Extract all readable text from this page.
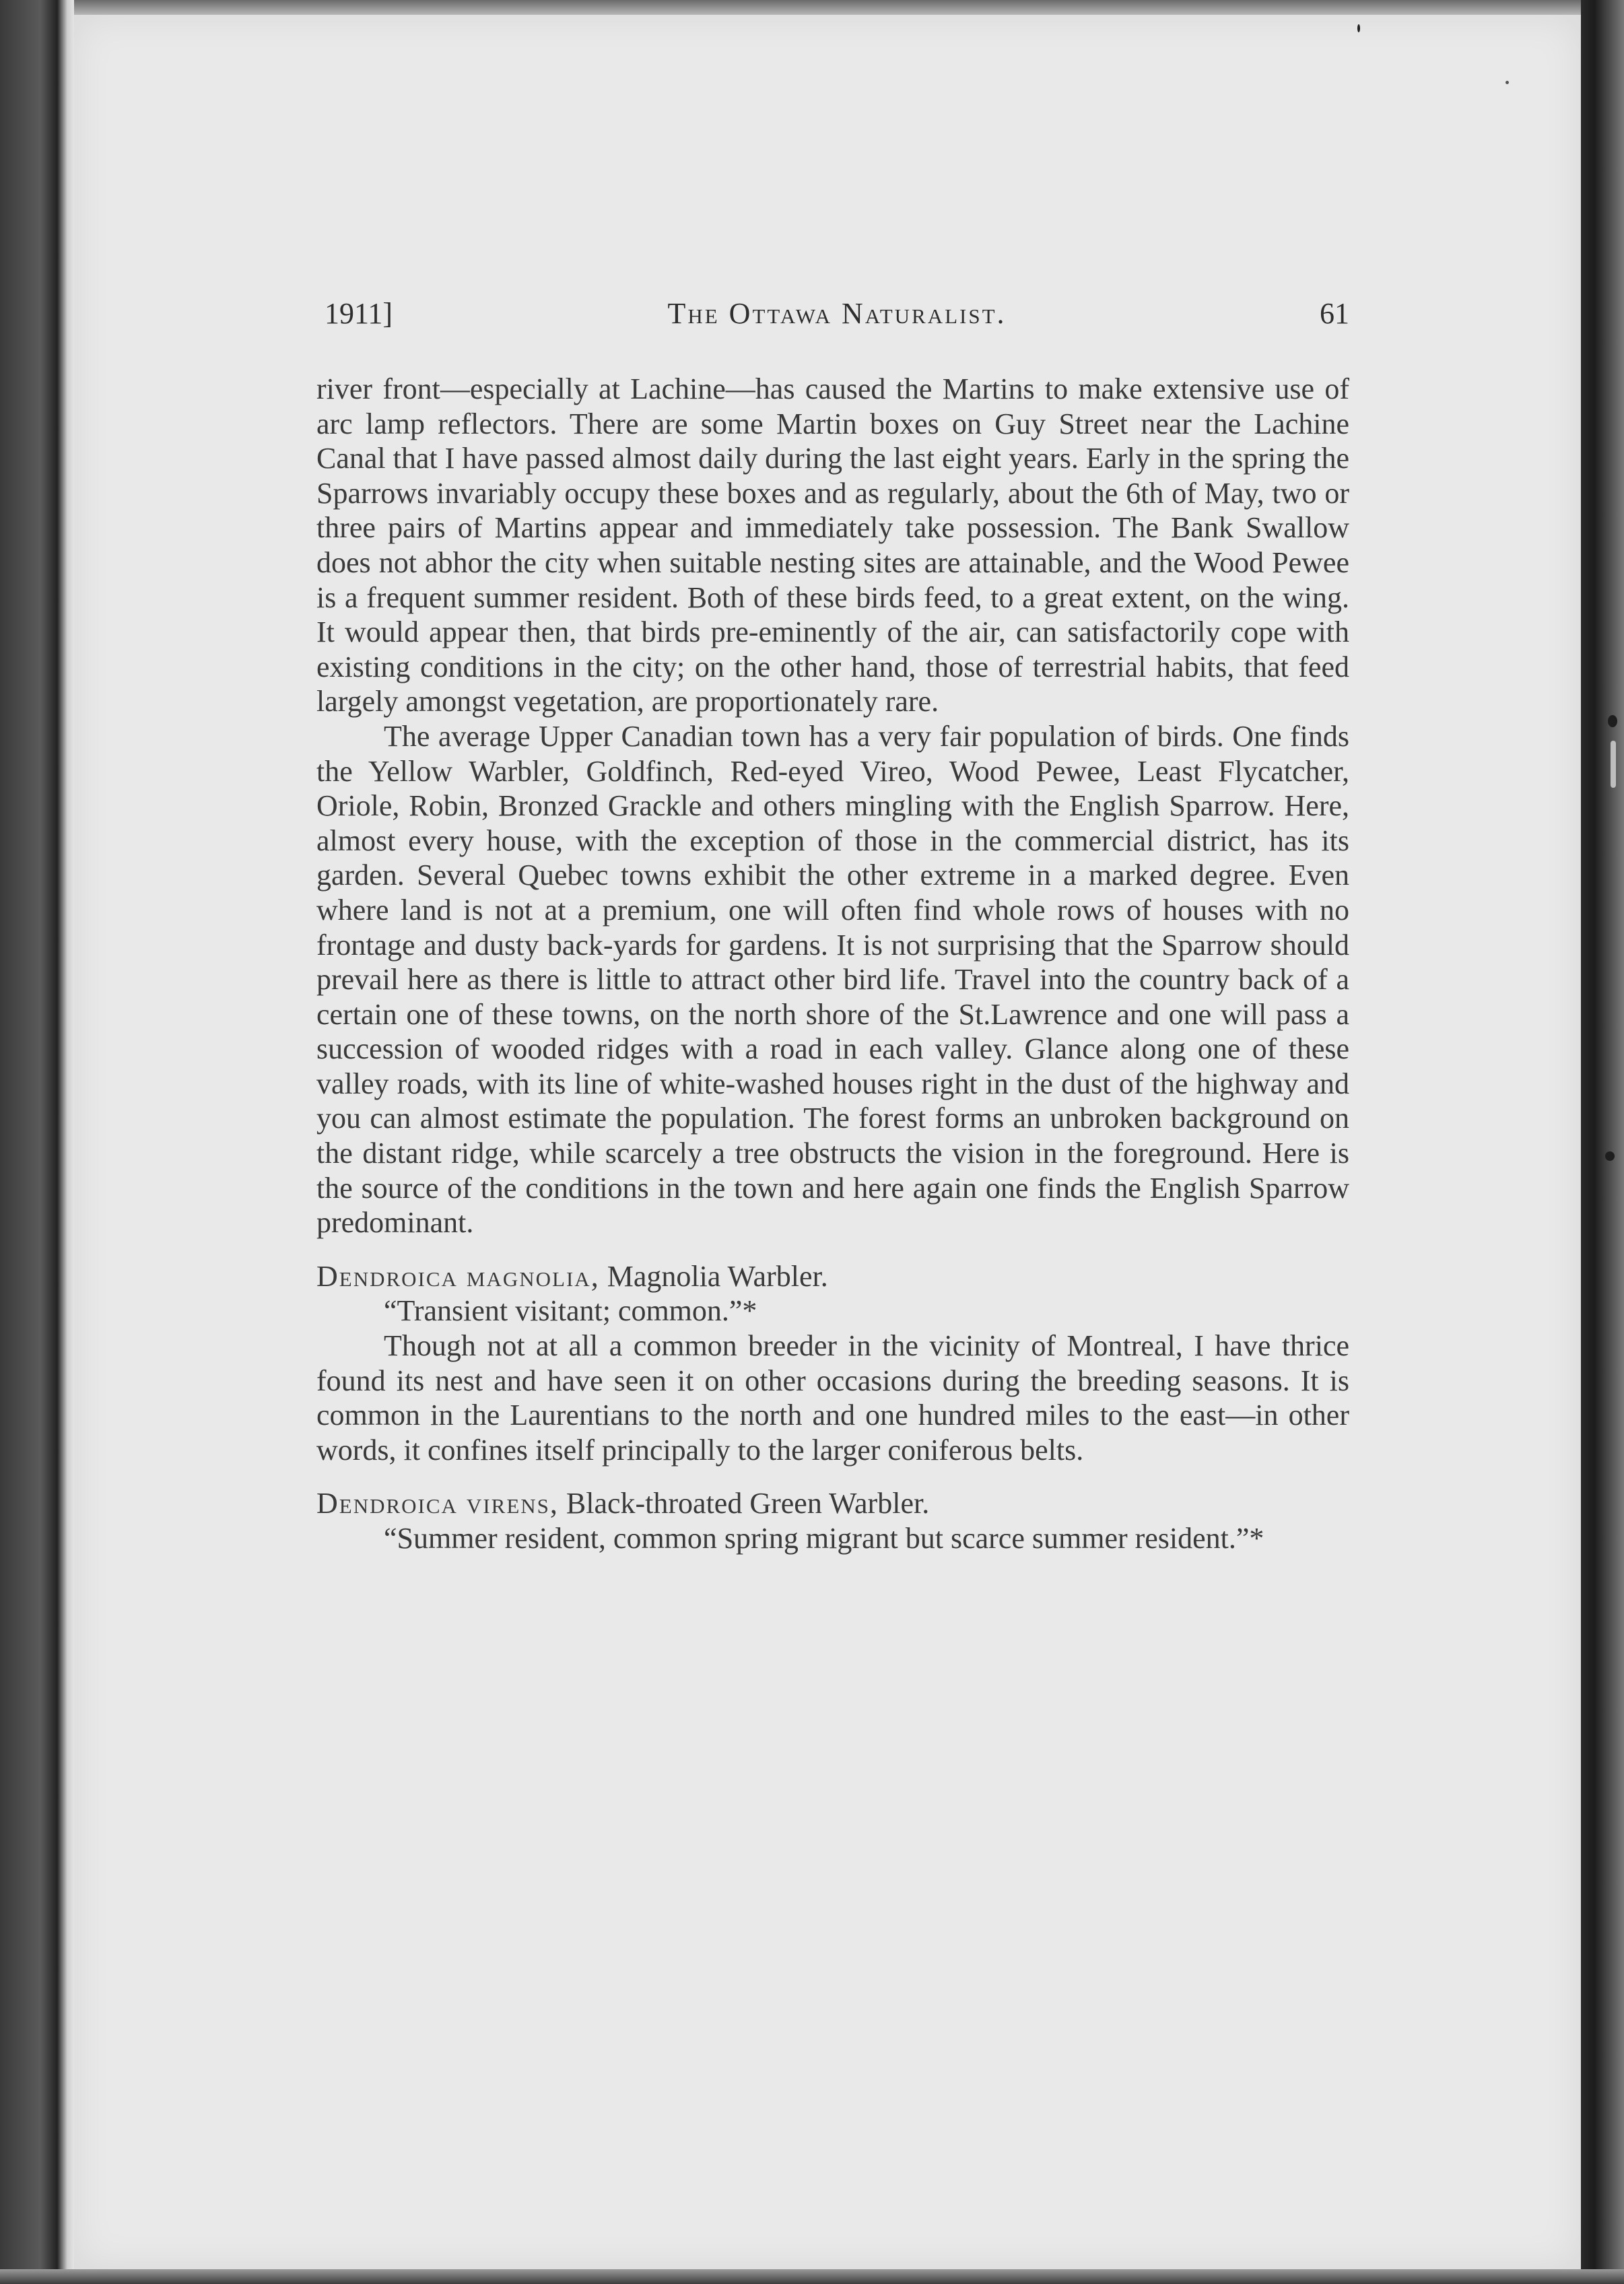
1911]	The Ottawa Naturalist.	61

river front—especially at Lachine—has caused the Martins to make extensive use of arc lamp reflectors. There are some Martin boxes on Guy Street near the Lachine Canal that I have passed almost daily during the last eight years. Early in the spring the Sparrows invariably occupy these boxes and as regularly, about the 6th of May, two or three pairs of Martins appear and immediately take possession. The Bank Swallow does not abhor the city when suitable nesting sites are attainable, and the Wood Pewee is a frequent summer resident. Both of these birds feed, to a great extent, on the wing. It would appear then, that birds pre-eminently of the air, can satisfactorily cope with existing conditions in the city; on the other hand, those of terrestrial habits, that feed largely amongst vegetation, are proportionately rare.

The average Upper Canadian town has a very fair population of birds. One finds the Yellow Warbler, Goldfinch, Red-eyed Vireo, Wood Pewee, Least Flycatcher, Oriole, Robin, Bronzed Grackle and others mingling with the English Sparrow. Here, almost every house, with the exception of those in the commercial district, has its garden. Several Quebec towns exhibit the other extreme in a marked degree. Even where land is not at a premium, one will often find whole rows of houses with no frontage and dusty back-yards for gardens. It is not surprising that the Sparrow should prevail here as there is little to attract other bird life. Travel into the country back of a certain one of these towns, on the north shore of the St.Lawrence and one will pass a succession of wooded ridges with a road in each valley. Glance along one of these valley roads, with its line of white-washed houses right in the dust of the highway and you can almost estimate the population. The forest forms an unbroken background on the distant ridge, while scarcely a tree obstructs the vision in the foreground. Here is the source of the conditions in the town and here again one finds the English Sparrow predominant.

Dendroica magnolia, Magnolia Warbler.

“Transient visitant; common.”*

Though not at all a common breeder in the vicinity of Montreal, I have thrice found its nest and have seen it on other occasions during the breeding seasons. It is common in the Laurentians to the north and one hundred miles to the east—in other words, it confines itself principally to the larger coniferous belts.

Dendroica virens, Black-throated Green Warbler.

“Summer resident, common spring migrant but scarce summer resident.”*
